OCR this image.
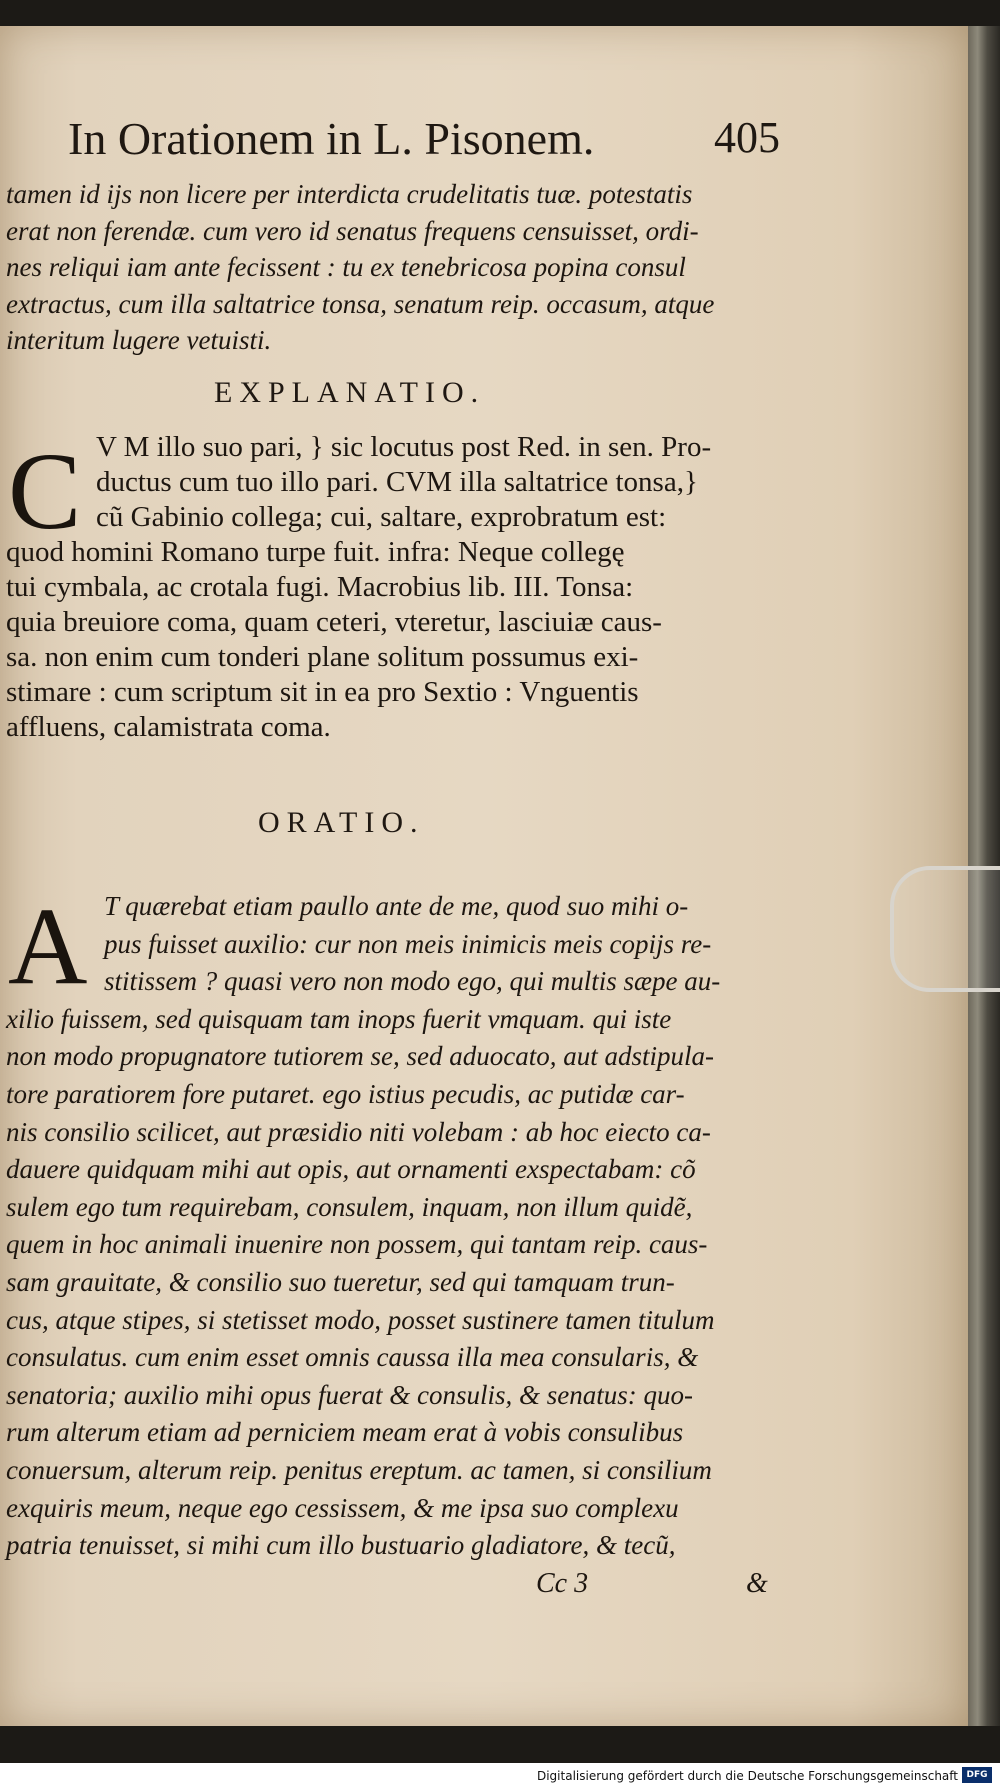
In Orationem in L. Pisonem.	405
tamen id ijs non licere per interdicta crudelitatis tuæ. potestatis
erat non ferendæ. cum vero id senatus frequens censuisset, ordi-
nes reliqui iam ante fecissent : tu ex tenebricosa popina consul
extractus, cum illa saltatrice tonsa, senatum reip. occasum, atque
interitum lugere vetuisti.
EXPLANATIO.
C V M illo suo pari, } sic locutus post Red. in sen. Pro-
ductus cum tuo illo pari. CVM illa saltatrice tonsa,}
cũ Gabinio collega; cui, saltare, exprobratum est:
quod homini Romano turpe fuit. infra: Neque collegę
tui cymbala, ac crotala fugi. Macrobius lib. III. Tonsa:
quia breuiore coma, quam ceteri, vteretur, lasciuiæ caus-
sa. non enim cum tonderi plane solitum possumus exi-
stimare : cum scriptum sit in ea pro Sextio : Vnguentis
affluens, calamistrata coma.
ORATIO.
A T quærebat etiam paullo ante de me, quod suo mihi o-
pus fuisset auxilio: cur non meis inimicis meis copijs re-
stitissem ? quasi vero non modo ego, qui multis sæpe au-
xilio fuissem, sed quisquam tam inops fuerit vmquam. qui iste
non modo propugnatore tutiorem se, sed aduocato, aut adstipula-
tore paratiorem fore putaret. ego istius pecudis, ac putidæ car-
nis consilio scilicet, aut præsidio niti volebam : ab hoc eiecto ca-
dauere quidquam mihi aut opis, aut ornamenti exspectabam: cõ
sulem ego tum requirebam, consulem, inquam, non illum quidẽ,
quem in hoc animali inuenire non possem, qui tantam reip. caus-
sam grauitate, & consilio suo tueretur, sed qui tamquam trun-
cus, atque stipes, si stetisset modo, posset sustinere tamen titulum
consulatus. cum enim esset omnis caussa illa mea consularis, &
senatoria; auxilio mihi opus fuerat & consulis, & senatus: quo-
rum alterum etiam ad perniciem meam erat à vobis consulibus
conuersum, alterum reip. penitus ereptum. ac tamen, si consilium
exquiris meum, neque ego cessissem, & me ipsa suo complexu
patria tenuisset, si mihi cum illo bustuario gladiatore, & tecũ,
Cc 3	&
Digitalisierung gefördert durch die Deutsche Forschungsgemeinschaft DFG
